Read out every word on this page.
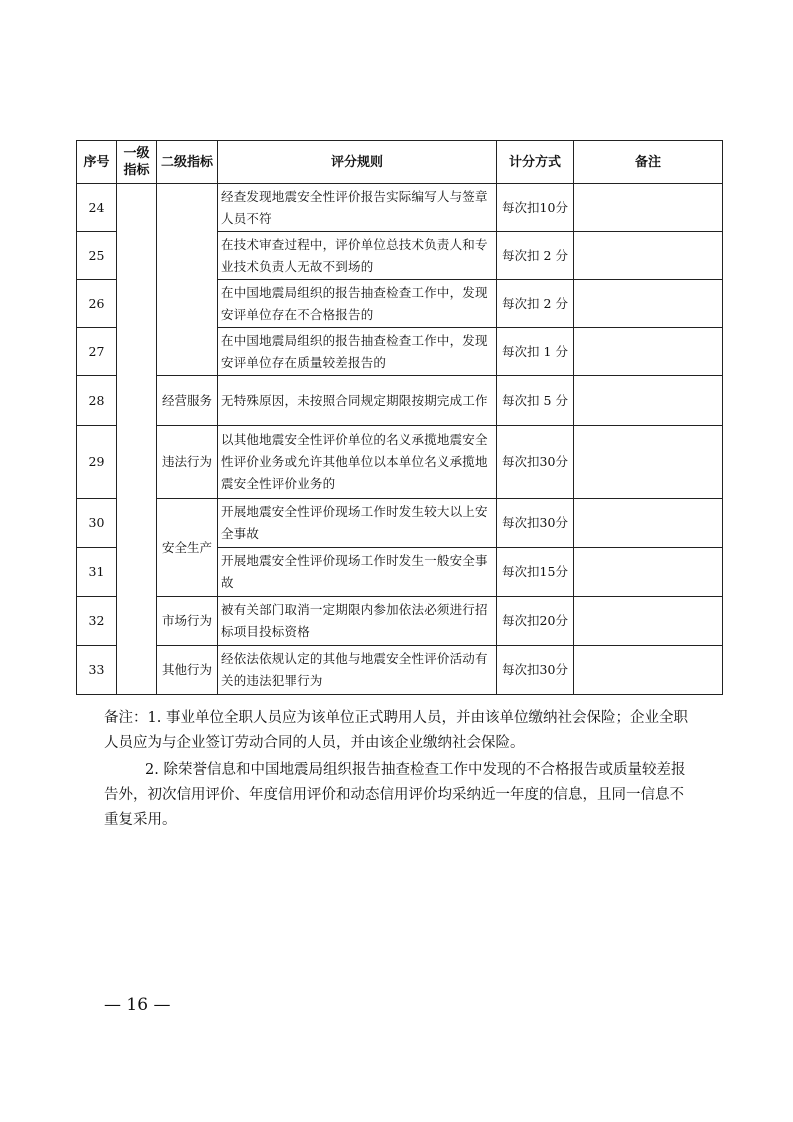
序号	一级指标	二级指标	评分规则	计分方式	备注
24			经查发现地震安全性评价报告实际编写人与签章人员不符	每次扣10分	
25			在技术审查过程中，评价单位总技术负责人和专业技术负责人无故不到场的	每次扣 2 分	
26			在中国地震局组织的报告抽查检查工作中，发现安评单位存在不合格报告的	每次扣 2 分	
27			在中国地震局组织的报告抽查检查工作中，发现安评单位存在质量较差报告的	每次扣 1 分	
28		经营服务	无特殊原因，未按照合同规定期限按期完成工作	每次扣 5 分	
29		违法行为	以其他地震安全性评价单位的名义承揽地震安全性评价业务或允许其他单位以本单位名义承揽地震安全性评价业务的	每次扣30分	
30		安全生产	开展地震安全性评价现场工作时发生较大以上安全事故	每次扣30分	
31			开展地震安全性评价现场工作时发生一般安全事故	每次扣15分	
32		市场行为	被有关部门取消一定期限内参加依法必须进行招标项目投标资格	每次扣20分	
33		其他行为	经依法依规认定的其他与地震安全性评价活动有关的违法犯罪行为	每次扣30分	

备注：1. 事业单位全职人员应为该单位正式聘用人员，并由该单位缴纳社会保险；企业全职人员应为与企业签订劳动合同的人员，并由该企业缴纳社会保险。

2. 除荣誉信息和中国地震局组织报告抽查检查工作中发现的不合格报告或质量较差报告外，初次信用评价、年度信用评价和动态信用评价均采纳近一年度的信息，且同一信息不重复采用。

— 16 —
